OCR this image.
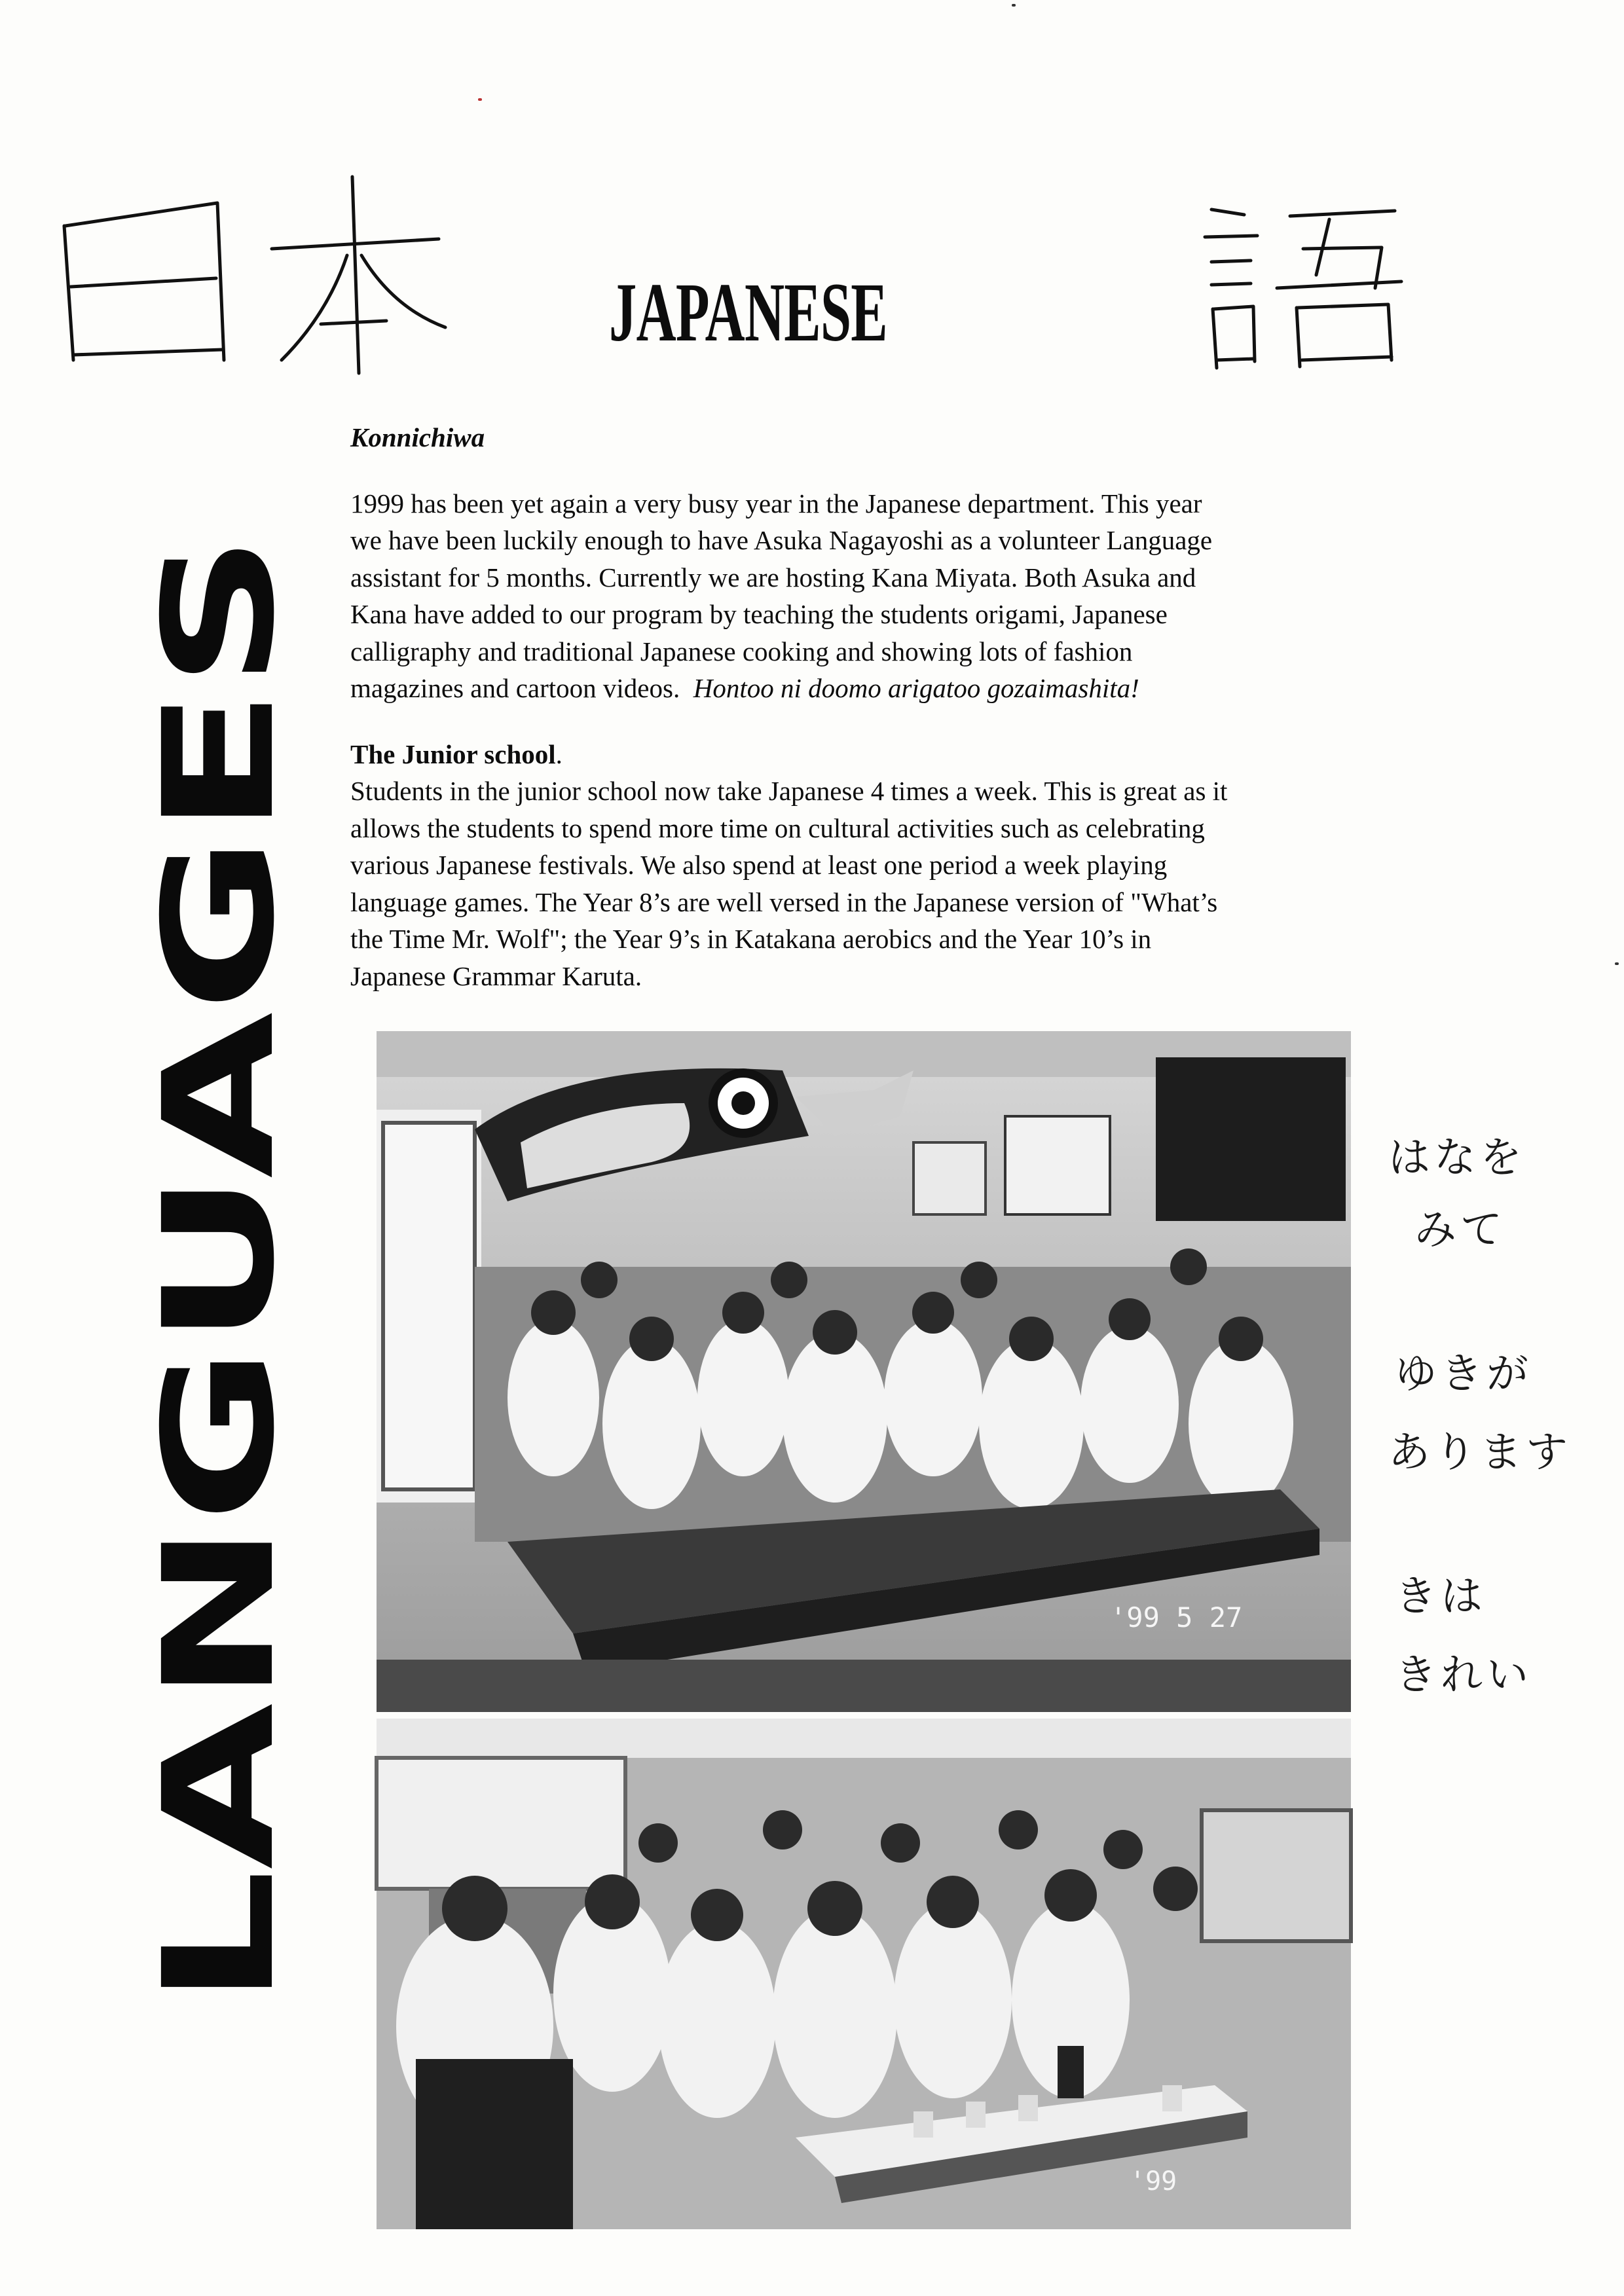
JAPANESE
LANGUAGES

Konnichiwa

1999 has been yet again a very busy year in the Japanese department. This year

we have been luckily enough to have Asuka Nagayoshi as a volunteer Language

assistant for 5 months. Currently we are hosting Kana Miyata. Both Asuka and

Kana have added to our program by teaching the students origami, Japanese

calligraphy and traditional Japanese cooking and showing lots of fashion

magazines and cartoon videos.  Hontoo ni doomo arigatoo gozaimashita!

The Junior school.

Students in the junior school now take Japanese 4 times a week. This is great as it

allows the students to spend more time on cultural activities such as celebrating

various Japanese festivals. We also spend at least one period a week playing

language games. The Year 8’s are well versed in the Japanese version of "What’s

the Time Mr. Wolf"; the Year 9’s in Katakana aerobics and the Year 10’s in

Japanese Grammar Karuta.

'99 5 27
'99
はなを
みて
ゆきが
あります
きは
きれい
